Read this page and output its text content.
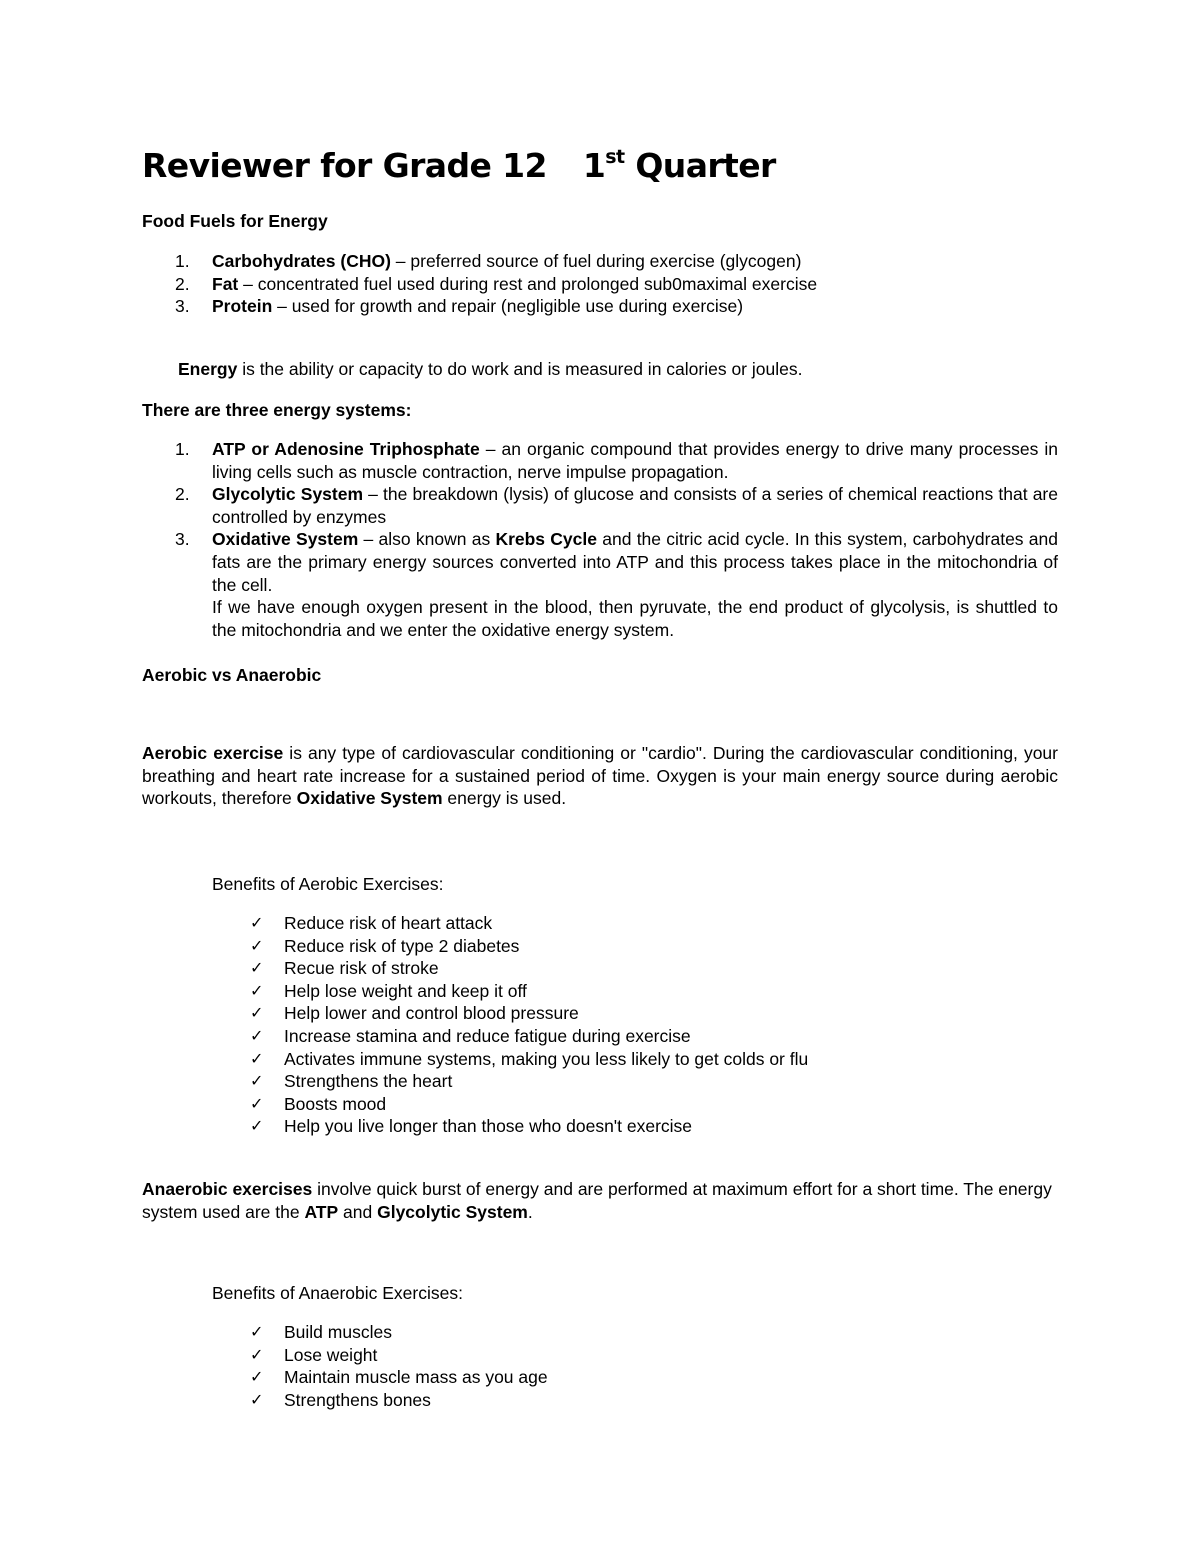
Reviewer for Grade 12 1st Quarter

Food Fuels for Energy

1. Carbohydrates (CHO) – preferred source of fuel during exercise (glycogen)
2. Fat – concentrated fuel used during rest and prolonged sub0maximal exercise
3. Protein – used for growth and repair (negligible use during exercise)

Energy is the ability or capacity to do work and is measured in calories or joules.

There are three energy systems:

1. ATP or Adenosine Triphosphate – an organic compound that provides energy to drive many processes in living cells such as muscle contraction, nerve impulse propagation.
2. Glycolytic System – the breakdown (lysis) of glucose and consists of a series of chemical reactions that are controlled by enzymes
3. Oxidative System – also known as Krebs Cycle and the citric acid cycle. In this system, carbohydrates and fats are the primary energy sources converted into ATP and this process takes place in the mitochondria of the cell.
If we have enough oxygen present in the blood, then pyruvate, the end product of glycolysis, is shuttled to the mitochondria and we enter the oxidative energy system.

Aerobic vs Anaerobic

Aerobic exercise is any type of cardiovascular conditioning or "cardio". During the cardiovascular conditioning, your breathing and heart rate increase for a sustained period of time. Oxygen is your main energy source during aerobic workouts, therefore Oxidative System energy is used.

Benefits of Aerobic Exercises:

✓ Reduce risk of heart attack
✓ Reduce risk of type 2 diabetes
✓ Recue risk of stroke
✓ Help lose weight and keep it off
✓ Help lower and control blood pressure
✓ Increase stamina and reduce fatigue during exercise
✓ Activates immune systems, making you less likely to get colds or flu
✓ Strengthens the heart
✓ Boosts mood
✓ Help you live longer than those who doesn't exercise

Anaerobic exercises involve quick burst of energy and are performed at maximum effort for a short time. The energy system used are the ATP and Glycolytic System.

Benefits of Anaerobic Exercises:

✓ Build muscles
✓ Lose weight
✓ Maintain muscle mass as you age
✓ Strengthens bones
